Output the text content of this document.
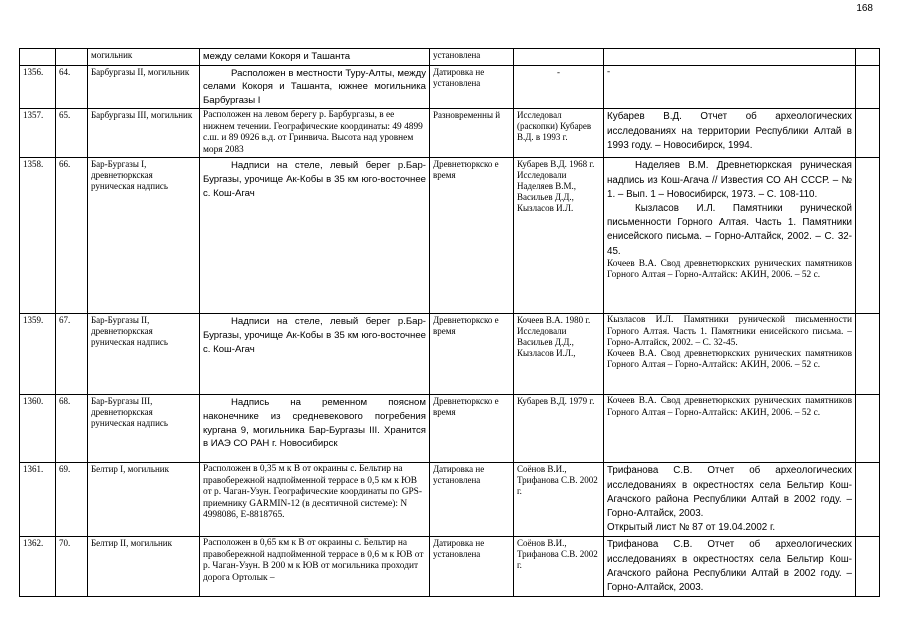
168
		могильник	между селами Кокоря и Ташанта	установлена			
1356.	64.	Барбургазы II, могильник	Расположен в местности Туру-Алты, между селами Кокоря и Ташанта, южнее могильника Барбургазы I	Датировка не установлена	-	-	

1357.	65.	Барбургазы III, могильник	Расположен на левом берегу р. Барбургазы, в ее нижнем течении. Географические координаты: 49 4899 с.ш. и 89 0926 в.д. от Гринвича. Высота над уровнем моря 2083	Разновременны й	Исследовал (раскопки) Кубарев В.Д. в 1993 г.	Кубарев В.Д. Отчет об археологических исследованиях на территории Республики Алтай в 1993 году. – Новосибирск, 1994.	

1358.	66.	Бар-Бургазы I, древнетюркская руническая надпись	Надписи на стеле, левый берег р.Бар-Бургазы, урочище Ак-Кобы в 35 км юго-восточнее с. Кош-Агач	Древнетюркско е время	Кубарев В.Д. 1968 г. Исследовали Наделяев В.М., Васильев Д.Д., Кызласов И.Л.	Наделяев В.М. Древнетюркская руническая надпись из Кош-Агача // Известия СО АН СССР. – № 1. – Вып. 1 – Новосибирск, 1973. – С. 108-110.

Кызласов И.Л. Памятники рунической письменности Горного Алтая. Часть 1. Памятники енисейского письма. – Горно-Алтайск, 2002. – С. 32-45.

Кочеев В.А. Свод древнетюркских рунических памятников Горного Алтая – Горно-Алтайск: АКИН, 2006. – 52 с.	

1359.	67.	Бар-Бургазы II, древнетюркская руническая надпись	Надписи на стеле, левый берег р.Бар-Бургазы, урочище Ак-Кобы в 35 км юго-восточнее с. Кош-Агач	Древнетюркско е время	Кочеев В.А. 1980 г. Исследовали Васильев Д.Д., Кызласов И.Л.,	Кызласов И.Л. Памятники рунической письменности Горного Алтая. Часть 1. Памятники енисейского письма. – Горно-Алтайск, 2002. – С. 32-45.

Кочеев В.А. Свод древнетюркских рунических памятников Горного Алтая – Горно-Алтайск: АКИН, 2006. – 52 с.	

1360.	68.	Бар-Бургазы III, древнетюркская руническая надпись	Надпись на ременном поясном наконечнике из средневекового погребения кургана 9, могильника Бар-Бургазы III. Хранится в ИАЭ СО РАН г. Новосибирск	Древнетюркско е время	Кубарев В.Д. 1979 г.	Кочеев В.А. Свод древнетюркских рунических памятников Горного Алтая – Горно-Алтайск: АКИН, 2006. – 52 с.	

1361.	69.	Белтир I, могильник	Расположен в 0,35 м к В от окраины с. Бельтир на правобережной надпойменной террасе в 0,5 км к ЮВ от р. Чаган-Узун. Географические координаты по GPS-приемнику GARMIN-12 (в десятичной системе): N 4998086, E-8818765.	Датировка не установлена	Соёнов В.И., Трифанова С.В. 2002 г.	Трифанова С.В. Отчет об археологических исследованиях в окрестностях села Бельтир Кош-Агачского района Республики Алтай в 2002 году. – Горно-Алтайск, 2003.

Открытый лист № 87 от 19.04.2002 г.	

1362.	70.	Белтир II, могильник	Расположен в 0,65 км к В от окраины с. Бельтир на правобережной надпойменной террасе в 0,6 м к ЮВ от р. Чаган-Узун. В 200 м к ЮВ от могильника проходит дорога Ортолык –	Датировка не установлена	Соёнов В.И., Трифанова С.В. 2002 г.	Трифанова С.В. Отчет об археологических исследованиях в окрестностях села Бельтир Кош-Агачского района Республики Алтай в 2002 году. – Горно-Алтайск, 2003.	
